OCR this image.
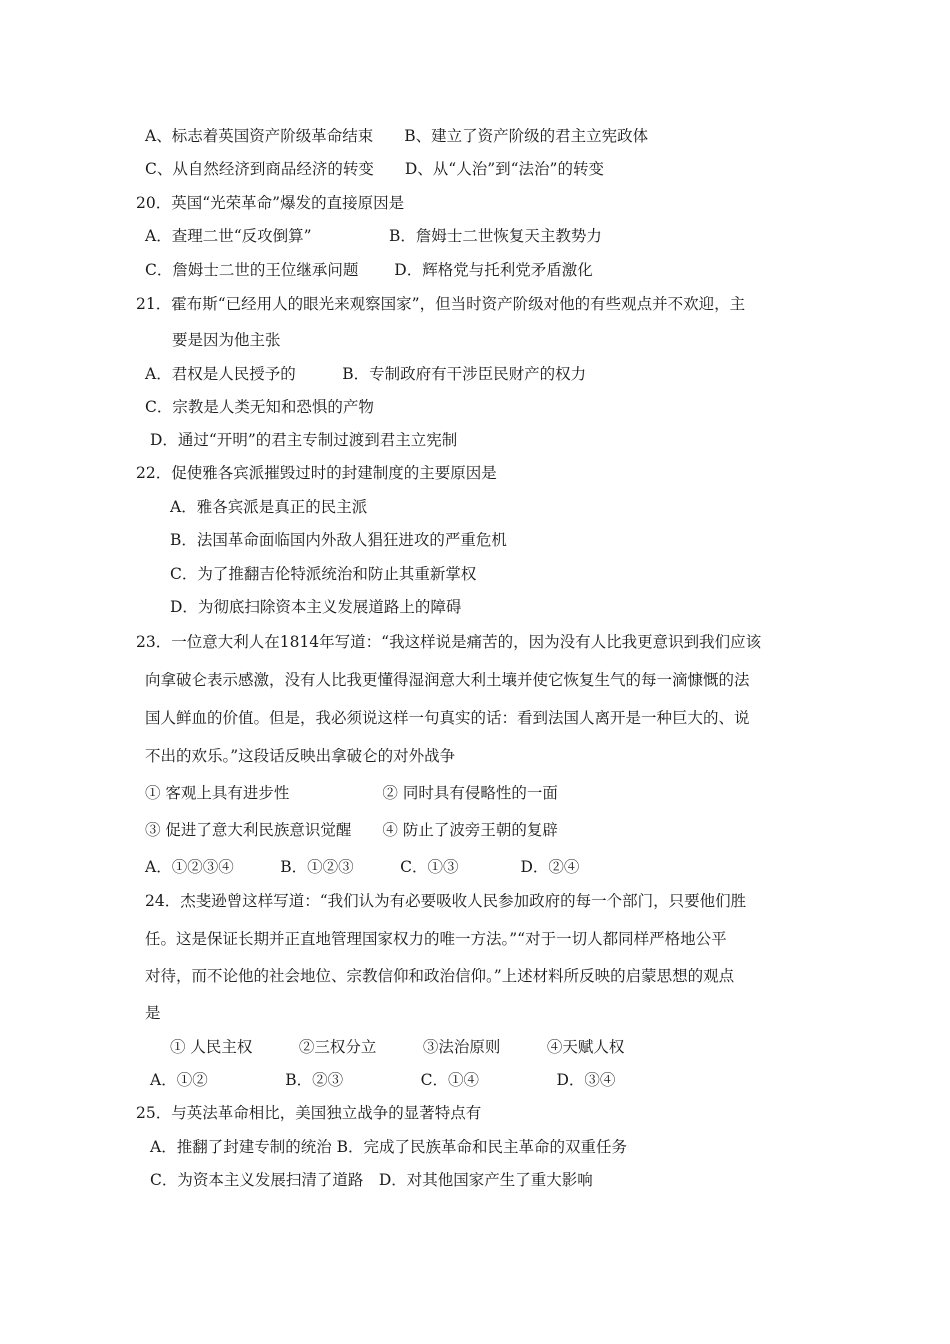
A、标志着英国资产阶级革命结束　　B、建立了资产阶级的君主立宪政体
C、从自然经济到商品经济的转变　　D、从“人治”到“法治”的转变
20．英国“光荣革命”爆发的直接原因是
A．查理二世“反攻倒算”　　　　　B．詹姆士二世恢复天主教势力
C．詹姆士二世的王位继承问题　　 D．辉格党与托利党矛盾激化
21．霍布斯“已经用人的眼光来观察国家”，但当时资产阶级对他的有些观点并不欢迎，主
要是因为他主张
A．君权是人民授予的　　　B．专制政府有干涉臣民财产的权力
C．宗教是人类无知和恐惧的产物
D．通过“开明”的君主专制过渡到君主立宪制
22．促使雅各宾派摧毁过时的封建制度的主要原因是
A．雅各宾派是真正的民主派
B．法国革命面临国内外敌人猖狂进攻的严重危机
C．为了推翻吉伦特派统治和防止其重新掌权
D．为彻底扫除资本主义发展道路上的障碍
23．一位意大利人在1814年写道：“我这样说是痛苦的，因为没有人比我更意识到我们应该
向拿破仑表示感激，没有人比我更懂得湿润意大利土壤并使它恢复生气的每一滴慷慨的法
国人鲜血的价值。但是，我必须说这样一句真实的话：看到法国人离开是一种巨大的、说
不出的欢乐。”这段话反映出拿破仑的对外战争
① 客观上具有进步性　　　　　　② 同时具有侵略性的一面
③ 促进了意大利民族意识觉醒　　④ 防止了波旁王朝的复辟
A．①②③④　　　B．①②③　　　C．①③　　　　D．②④
24．杰斐逊曾这样写道：“我们认为有必要吸收人民参加政府的每一个部门，只要他们胜
任。这是保证长期并正直地管理国家权力的唯一方法。”“对于一切人都同样严格地公平
对待，而不论他的社会地位、宗教信仰和政治信仰。”上述材料所反映的启蒙思想的观点
是
① 人民主权　　　②三权分立　　　③法治原则　　　④天赋人权
A．①②　　　　　B．②③　　　　　C．①④　　　　　D．③④
25．与英法革命相比，美国独立战争的显著特点有
A．推翻了封建专制的统治 B．完成了民族革命和民主革命的双重任务
C．为资本主义发展扫清了道路　D．对其他国家产生了重大影响
